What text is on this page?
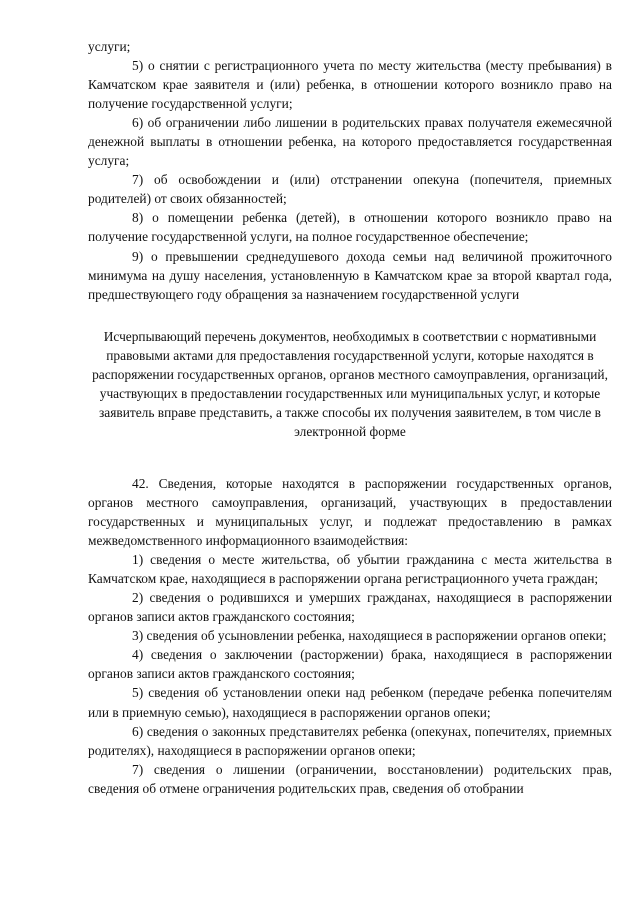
услуги;

5) о снятии с регистрационного учета по месту жительства (месту пребывания) в Камчатском крае заявителя и (или) ребенка, в отношении которого возникло право на получение государственной услуги;

6) об ограничении либо лишении в родительских правах получателя ежемесячной денежной выплаты в отношении ребенка, на которого предоставляется государственная услуга;

7) об освобождении и (или) отстранении опекуна (попечителя, приемных родителей) от своих обязанностей;

8) о помещении ребенка (детей), в отношении которого возникло право на получение государственной услуги, на полное государственное обеспечение;

9) о превышении среднедушевого дохода семьи над величиной прожиточного минимума на душу населения, установленную в Камчатском крае за второй квартал года, предшествующего году обращения за назначением государственной услуги

Исчерпывающий перечень документов, необходимых в соответствии с нормативными правовыми актами для предоставления государственной услуги, которые находятся в распоряжении государственных органов, органов местного самоуправления, организаций, участвующих в предоставлении государственных или муниципальных услуг, и которые заявитель вправе представить, а также способы их получения заявителем, в том числе в электронной форме

42. Сведения, которые находятся в распоряжении государственных органов, органов местного самоуправления, организаций, участвующих в предоставлении государственных и муниципальных услуг, и подлежат предоставлению в рамках межведомственного информационного взаимодействия:

1) сведения о месте жительства, об убытии гражданина с места жительства в Камчатском крае, находящиеся в распоряжении органа регистрационного учета граждан;

2) сведения о родившихся и умерших гражданах, находящиеся в распоряжении органов записи актов гражданского состояния;

3) сведения об усыновлении ребенка, находящиеся в распоряжении органов опеки;

4) сведения о заключении (расторжении) брака, находящиеся в распоряжении органов записи актов гражданского состояния;

5) сведения об установлении опеки над ребенком (передаче ребенка попечителям или в приемную семью), находящиеся в распоряжении органов опеки;

6) сведения о законных представителях ребенка (опекунах, попечителях, приемных родителях), находящиеся в распоряжении органов опеки;

7) сведения о лишении (ограничении, восстановлении) родительских прав, сведения об отмене ограничения родительских прав, сведения об отобрании
